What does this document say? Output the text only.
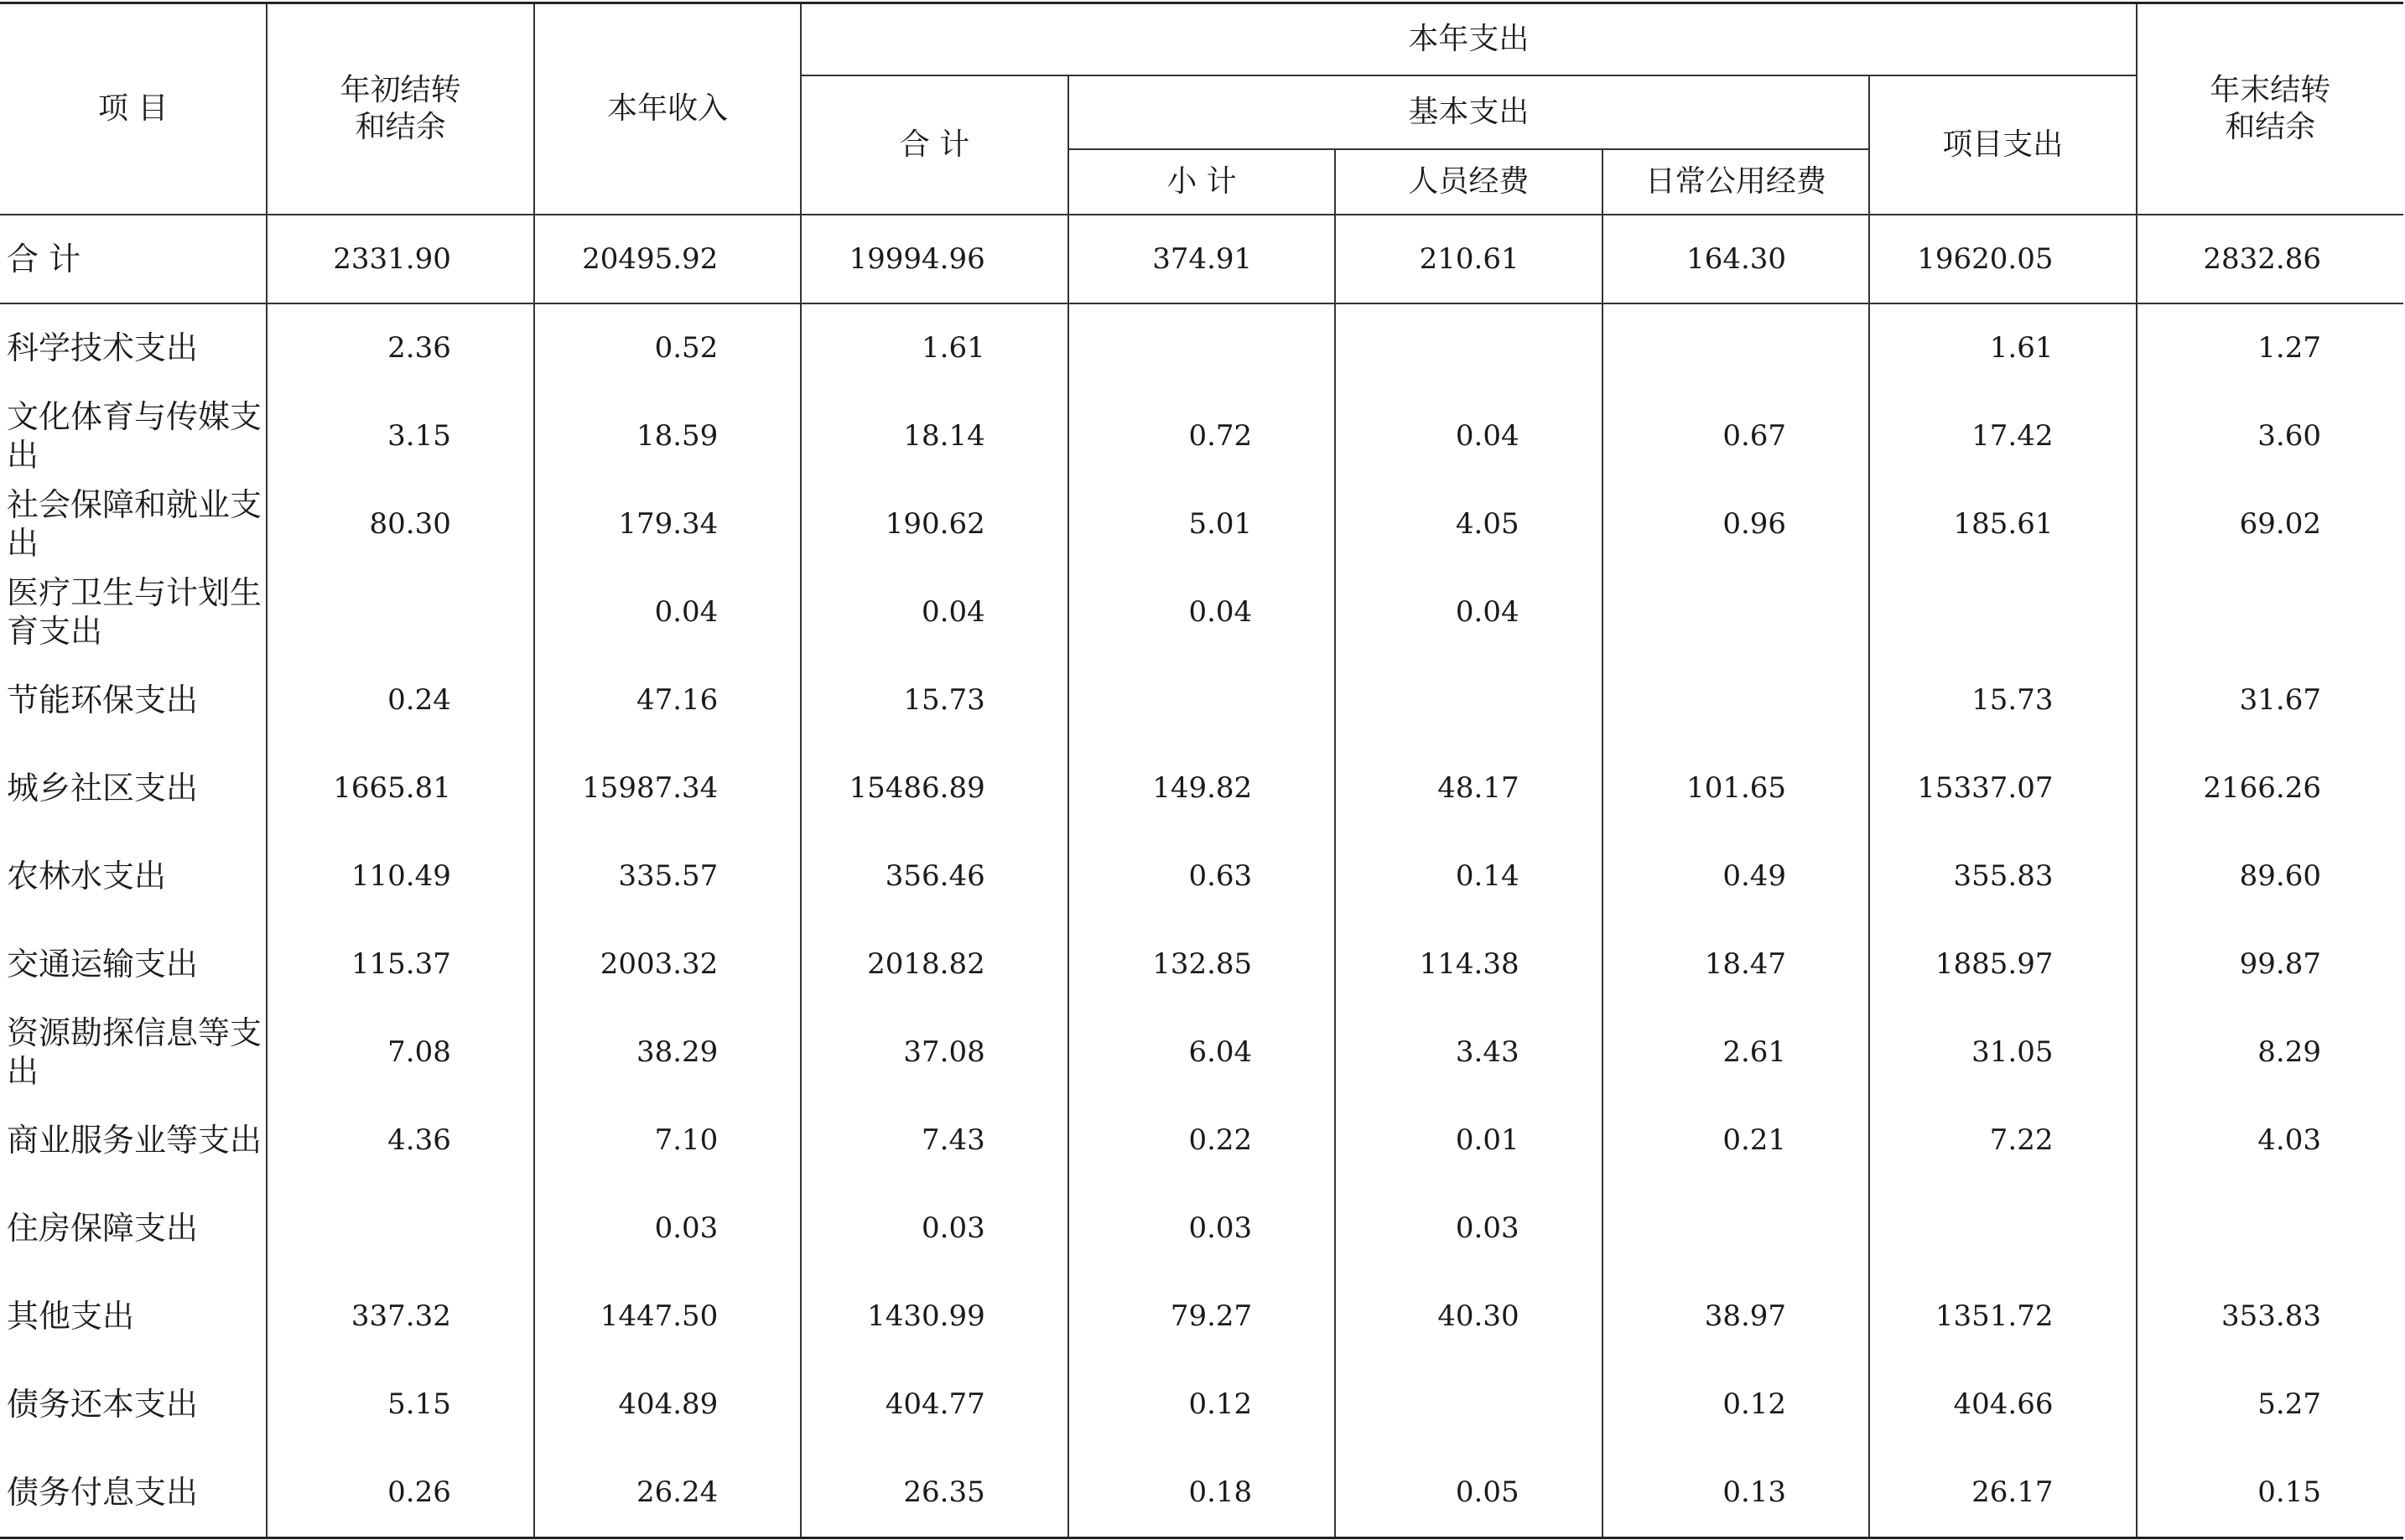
项 目	年初结转和结余	本年收入	本年支出					年末结转和结余

			合 计	基本支出			项目支出	
				小 计	人员经费	日常公用经费		
合 计	2331.90	20495.92	19994.96	374.91	210.61	164.30	19620.05	2832.86
科学技术支出	2.36	0.52	1.61				1.61	1.27
文化体育与传媒支出	3.15	18.59	18.14	0.72	0.04	0.67	17.42	3.60
社会保障和就业支出	80.30	179.34	190.62	5.01	4.05	0.96	185.61	69.02
医疗卫生与计划生育支出		0.04	0.04	0.04	0.04			
节能环保支出	0.24	47.16	15.73				15.73	31.67
城乡社区支出	1665.81	15987.34	15486.89	149.82	48.17	101.65	15337.07	2166.26
农林水支出	110.49	335.57	356.46	0.63	0.14	0.49	355.83	89.60
交通运输支出	115.37	2003.32	2018.82	132.85	114.38	18.47	1885.97	99.87
资源勘探信息等支出	7.08	38.29	37.08	6.04	3.43	2.61	31.05	8.29
商业服务业等支出	4.36	7.10	7.43	0.22	0.01	0.21	7.22	4.03
住房保障支出		0.03	0.03	0.03	0.03			
其他支出	337.32	1447.50	1430.99	79.27	40.30	38.97	1351.72	353.83
债务还本支出	5.15	404.89	404.77	0.12		0.12	404.66	5.27
债务付息支出	0.26	26.24	26.35	0.18	0.05	0.13	26.17	0.15
